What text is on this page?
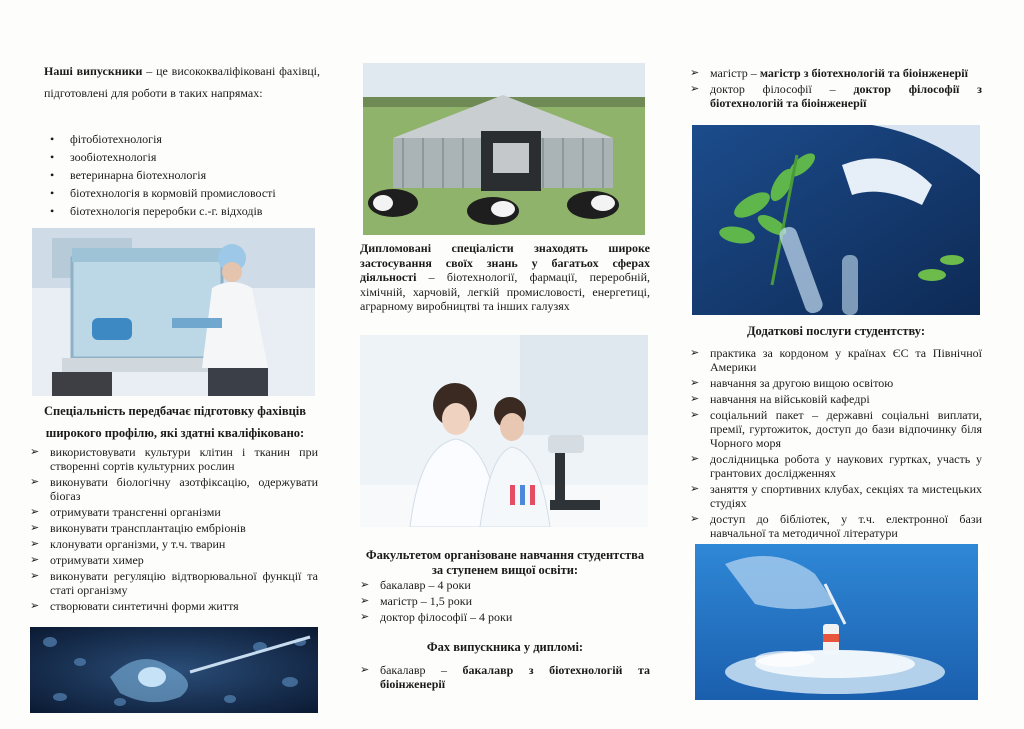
Наші випускники – це висококваліфіковані фахівці, підготовлені для роботи в таких напрямах:

• фітобіотехнологія
• зообіотехнологія
• ветеринарна біотехнологія
• біотехнологія в кормовій промисловості
• біотехнологія переробки с.-г. відходів

Спеціальність передбачає підготовку фахівців широкого профілю, які здатні кваліфіковано:

➢ використовувати культури клітин і тканин при створенні сортів культурних рослин
➢ виконувати біологічну азотфіксацію, одержувати біогаз
➢ отримувати трансгенні організми
➢ виконувати трансплантацію ембріонів
➢ клонувати організми, у т.ч. тварин
➢ отримувати химер
➢ виконувати регуляцію відтворювальної функції та статі організму
➢ створювати синтетичні форми життя

Дипломовані спеціалісти знаходять широке застосування своїх знань у багатьох сферах діяльності – біотехнології, фармації, переробній, хімічній, харчовій, легкій промисловості, енергетиці, аграрному виробництві та інших галузях

Факультетом організоване навчання студентства за ступенем вищої освіти:

➢ бакалавр – 4 роки
➢ магістр – 1,5 роки
➢ доктор філософії – 4 роки

Фах випускника у дипломі:

➢ бакалавр – бакалавр з біотехнологій та біоінженерії
➢ магістр – магістр з біотехнологій та біоінженерії
➢ доктор філософії – доктор філософії з біотехнологій та біоінженерії

Додаткові послуги студентству:

➢ практика за кордоном у країнах ЄС та Північної Америки
➢ навчання за другою вищою освітою
➢ навчання на військовій кафедрі
➢ соціальний пакет – державні соціальні виплати, премії, гуртожиток, доступ до бази відпочинку біля Чорного моря
➢ дослідницька робота у наукових гуртках, участь у грантових дослідженнях
➢ заняття у спортивних клубах, секціях та мистецьких студіях
➢ доступ до бібліотек, у т.ч. електронної бази навчальної та методичної літератури
